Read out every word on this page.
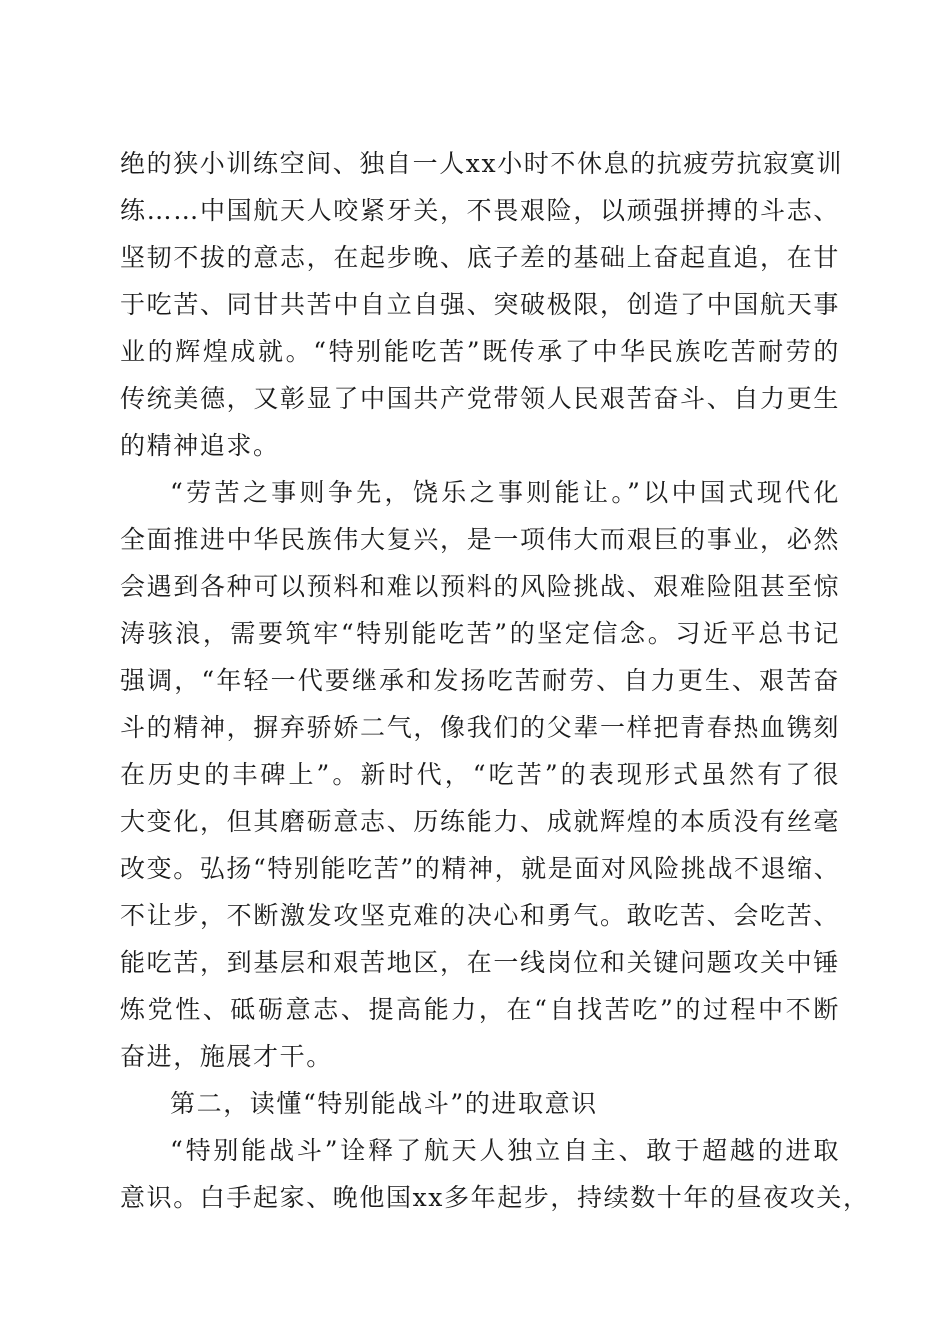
绝的狭小训练空间、独自一人xx小时不休息的抗疲劳抗寂寞训
练……中国航天人咬紧牙关，不畏艰险，以顽强拼搏的斗志、
坚韧不拔的意志，在起步晚、底子差的基础上奋起直追，在甘
于吃苦、同甘共苦中自立自强、突破极限，创造了中国航天事
业的辉煌成就。“特别能吃苦”既传承了中华民族吃苦耐劳的
传统美德，又彰显了中国共产党带领人民艰苦奋斗、自力更生
的精神追求。
“劳苦之事则争先，饶乐之事则能让。”以中国式现代化
全面推进中华民族伟大复兴，是一项伟大而艰巨的事业，必然
会遇到各种可以预料和难以预料的风险挑战、艰难险阻甚至惊
涛骇浪，需要筑牢“特别能吃苦”的坚定信念。习近平总书记
强调，“年轻一代要继承和发扬吃苦耐劳、自力更生、艰苦奋
斗的精神，摒弃骄娇二气，像我们的父辈一样把青春热血镌刻
在历史的丰碑上”。新时代，“吃苦”的表现形式虽然有了很
大变化，但其磨砺意志、历练能力、成就辉煌的本质没有丝毫
改变。弘扬“特别能吃苦”的精神，就是面对风险挑战不退缩、
不让步，不断激发攻坚克难的决心和勇气。敢吃苦、会吃苦、
能吃苦，到基层和艰苦地区，在一线岗位和关键问题攻关中锤
炼党性、砥砺意志、提高能力，在“自找苦吃”的过程中不断
奋进，施展才干。
第二，读懂“特别能战斗”的进取意识
“特别能战斗”诠释了航天人独立自主、敢于超越的进取
意识。白手起家、晚他国xx多年起步，持续数十年的昼夜攻关，
